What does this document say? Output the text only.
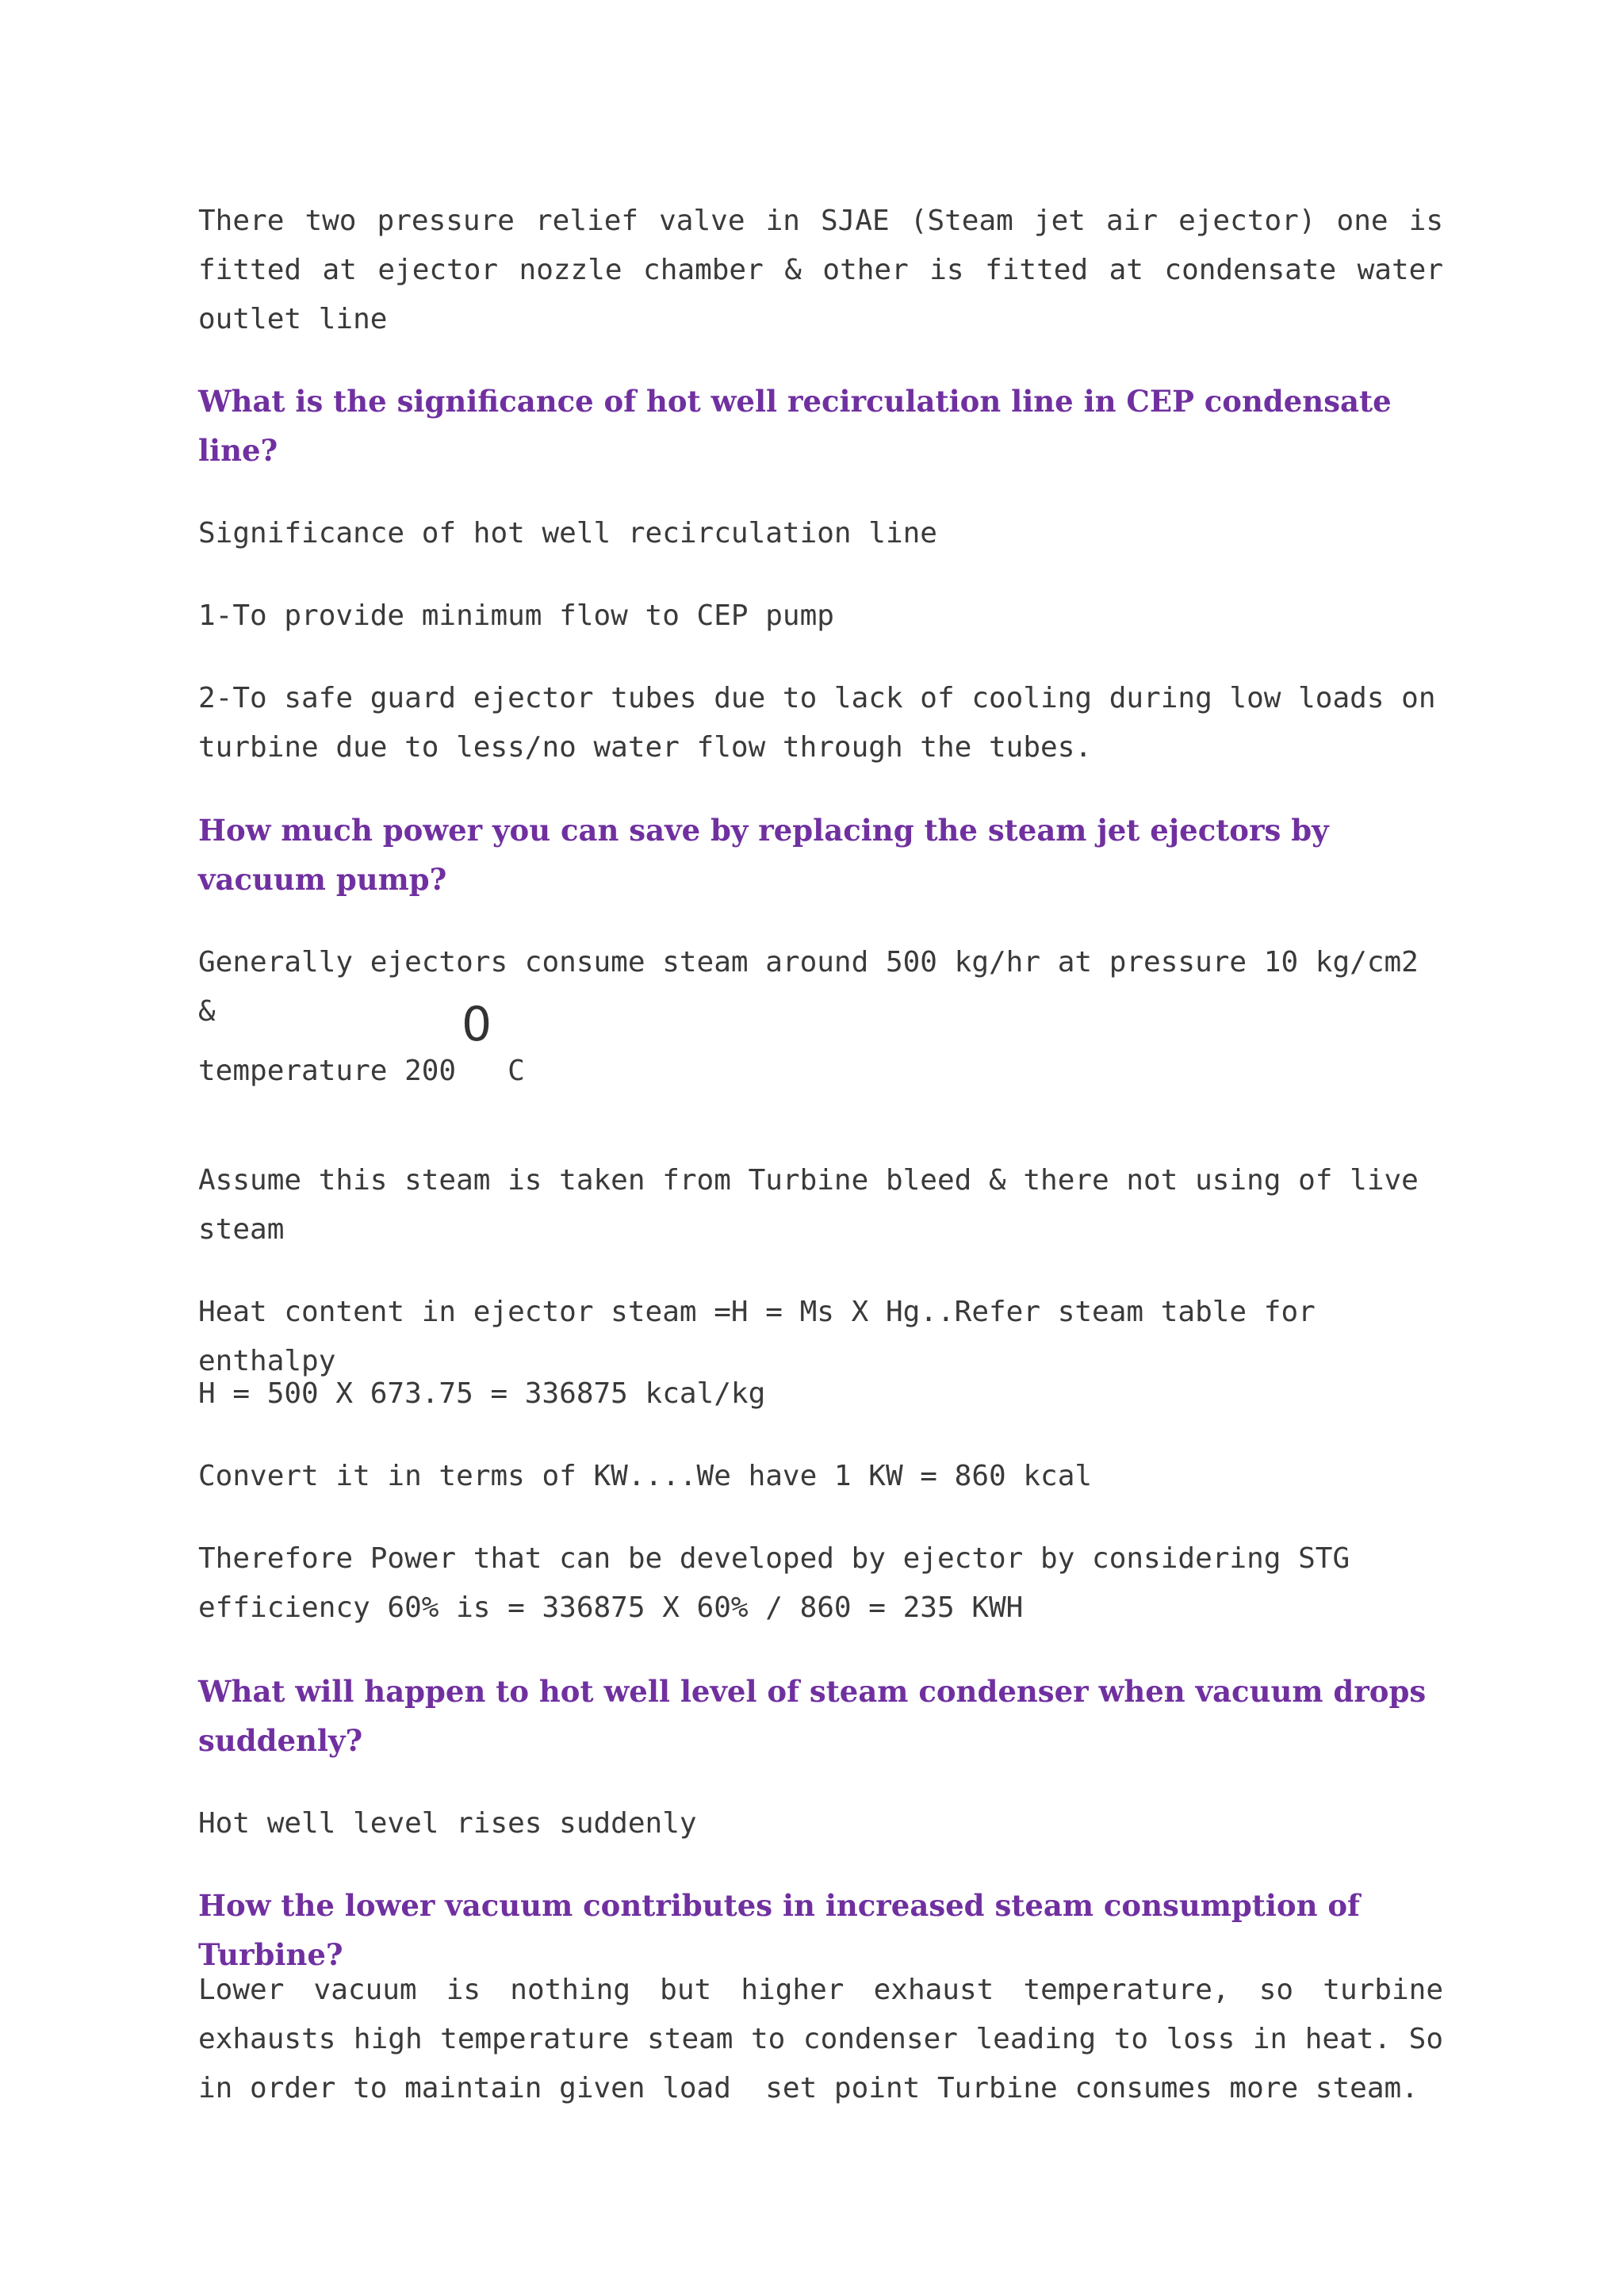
There two pressure relief valve in SJAE (Steam jet air ejector) one is fitted at ejector nozzle chamber & other is fitted at condensate water outlet line

What is the significance of hot well recirculation line in CEP condensate line?

Significance of hot well recirculation line

1-To provide minimum flow to CEP pump

2-To safe guard ejector tubes due to lack of cooling during low loads on turbine due to less/no water flow through the tubes.

How much power you can save by replacing the steam jet ejectors by vacuum pump?

Generally ejectors consume steam around 500 kg/hr at pressure 10 kg/cm2 &	0

temperature 200   C

Assume this steam is taken from Turbine bleed & there not using of live steam

Heat content in ejector steam =H = Ms X Hg..Refer steam table for enthalpy

H = 500 X 673.75 = 336875 kcal/kg

Convert it in terms of KW....We have 1 KW = 860 kcal

Therefore Power that can be developed by ejector by considering STG efficiency 60% is = 336875 X 60% / 860 = 235 KWH

What will happen to hot well level of steam condenser when vacuum drops suddenly?

Hot well level rises suddenly

How the lower vacuum contributes in increased steam consumption of Turbine?

Lower vacuum is nothing but higher exhaust temperature, so turbine exhausts high temperature steam to condenser leading to loss in heat. So in order to maintain given load  set point Turbine consumes more steam.
